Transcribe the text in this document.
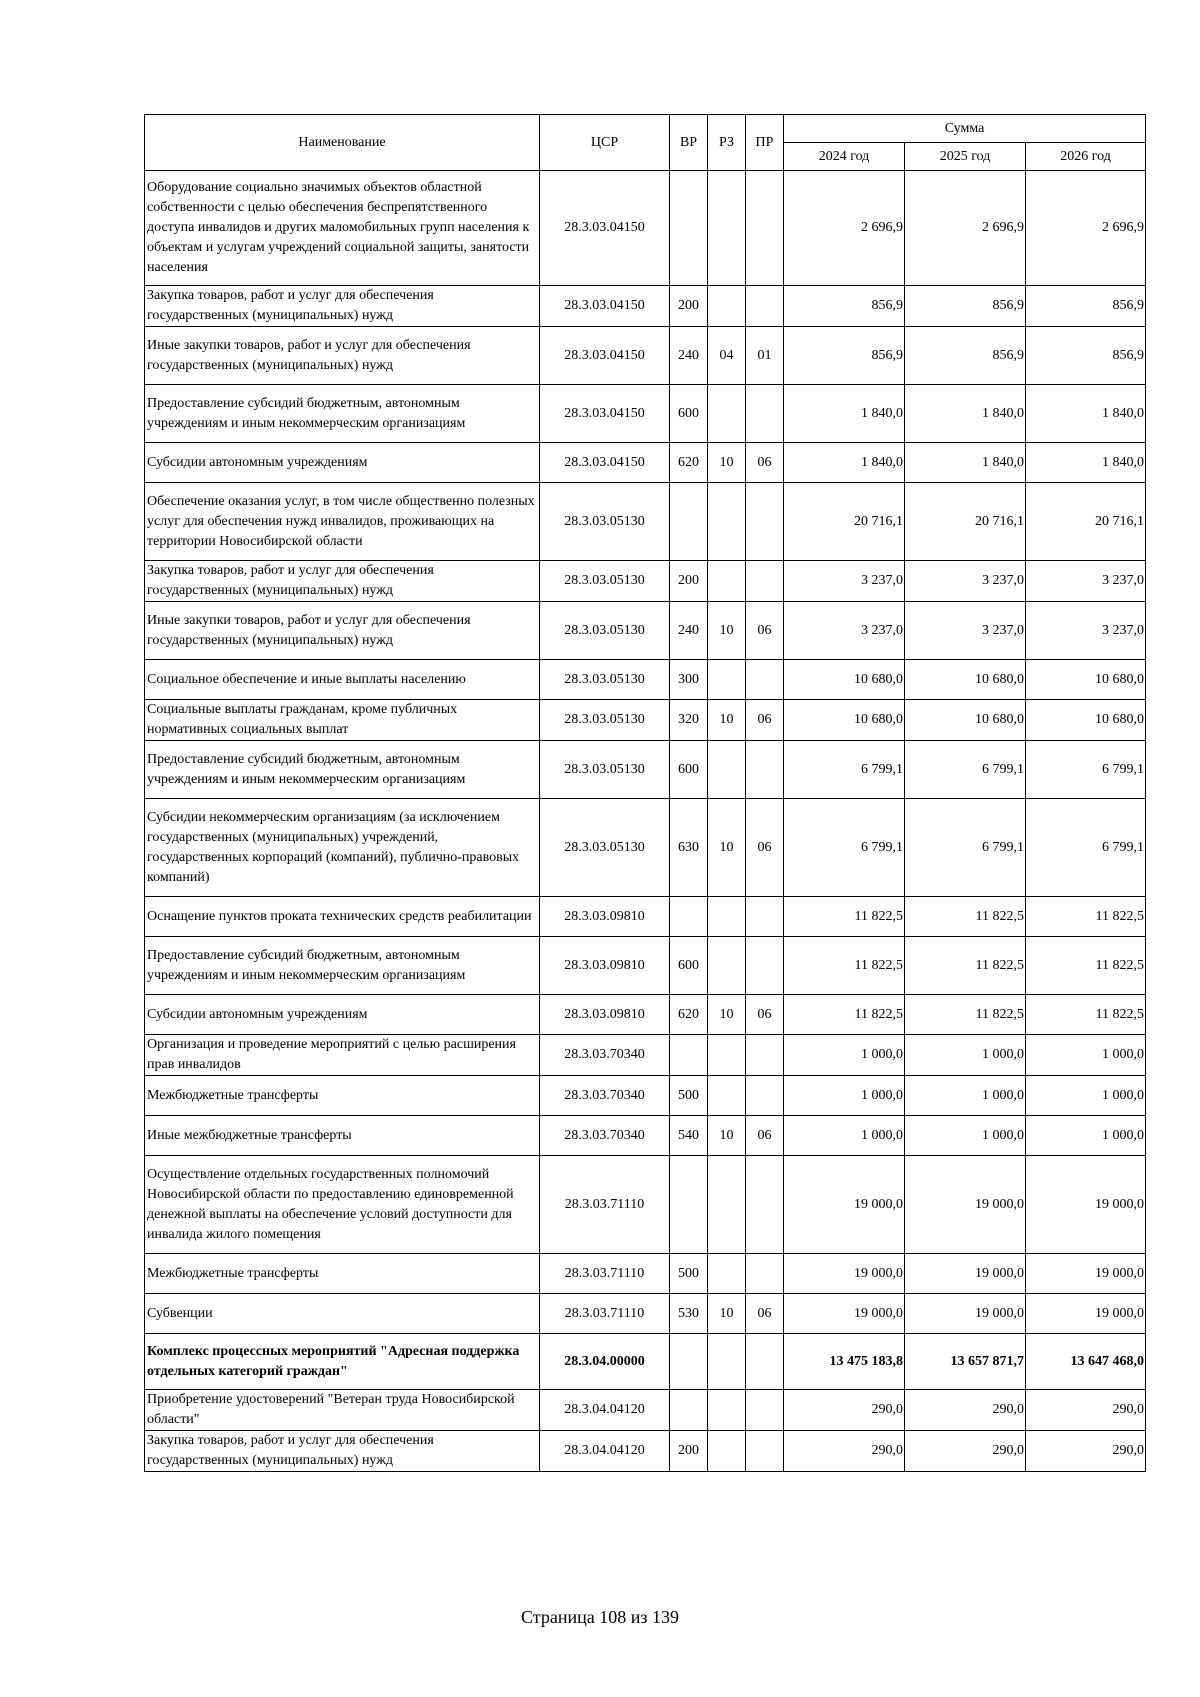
Наименование	ЦСР	ВР	РЗ	ПР	Сумма		
					2024 год	2025 год	2026 год
Оборудование социально значимых объектов областной собственности с целью обеспечения беспрепятственного доступа инвалидов и других маломобильных групп населения к объектам и услугам учреждений социальной защиты, занятости населения	28.3.03.04150				2 696,9	2 696,9	2 696,9
Закупка товаров, работ и услуг для обеспечения государственных (муниципальных) нужд	28.3.03.04150	200			856,9	856,9	856,9
Иные закупки товаров, работ и услуг для обеспечения государственных (муниципальных) нужд	28.3.03.04150	240	04	01	856,9	856,9	856,9
Предоставление субсидий бюджетным, автономным учреждениям и иным некоммерческим организациям	28.3.03.04150	600			1 840,0	1 840,0	1 840,0
Субсидии автономным учреждениям	28.3.03.04150	620	10	06	1 840,0	1 840,0	1 840,0
Обеспечение оказания услуг, в том числе общественно полезных услуг для обеспечения нужд инвалидов, проживающих на территории Новосибирской области	28.3.03.05130				20 716,1	20 716,1	20 716,1
Закупка товаров, работ и услуг для обеспечения государственных (муниципальных) нужд	28.3.03.05130	200			3 237,0	3 237,0	3 237,0
Иные закупки товаров, работ и услуг для обеспечения государственных (муниципальных) нужд	28.3.03.05130	240	10	06	3 237,0	3 237,0	3 237,0
Социальное обеспечение и иные выплаты населению	28.3.03.05130	300			10 680,0	10 680,0	10 680,0
Социальные выплаты гражданам, кроме публичных нормативных социальных выплат	28.3.03.05130	320	10	06	10 680,0	10 680,0	10 680,0
Предоставление субсидий бюджетным, автономным учреждениям и иным некоммерческим организациям	28.3.03.05130	600			6 799,1	6 799,1	6 799,1
Субсидии некоммерческим организациям (за исключением государственных (муниципальных) учреждений, государственных корпораций (компаний), публично-правовых компаний)	28.3.03.05130	630	10	06	6 799,1	6 799,1	6 799,1
Оснащение пунктов проката технических средств реабилитации	28.3.03.09810				11 822,5	11 822,5	11 822,5
Предоставление субсидий бюджетным, автономным учреждениям и иным некоммерческим организациям	28.3.03.09810	600			11 822,5	11 822,5	11 822,5
Субсидии автономным учреждениям	28.3.03.09810	620	10	06	11 822,5	11 822,5	11 822,5
Организация и проведение мероприятий с целью расширения прав инвалидов	28.3.03.70340				1 000,0	1 000,0	1 000,0
Межбюджетные трансферты	28.3.03.70340	500			1 000,0	1 000,0	1 000,0
Иные межбюджетные трансферты	28.3.03.70340	540	10	06	1 000,0	1 000,0	1 000,0
Осуществление отдельных государственных полномочий Новосибирской области по предоставлению единовременной денежной выплаты на обеспечение условий доступности для инвалида жилого помещения	28.3.03.71110				19 000,0	19 000,0	19 000,0
Межбюджетные трансферты	28.3.03.71110	500			19 000,0	19 000,0	19 000,0
Субвенции	28.3.03.71110	530	10	06	19 000,0	19 000,0	19 000,0
Комплекс процессных мероприятий "Адресная поддержка отдельных категорий граждан"	28.3.04.00000				13 475 183,8	13 657 871,7	13 647 468,0
Приобретение удостоверений "Ветеран труда Новосибирской области"	28.3.04.04120				290,0	290,0	290,0
Закупка товаров, работ и услуг для обеспечения государственных (муниципальных) нужд	28.3.04.04120	200			290,0	290,0	290,0
Страница 108 из 139
